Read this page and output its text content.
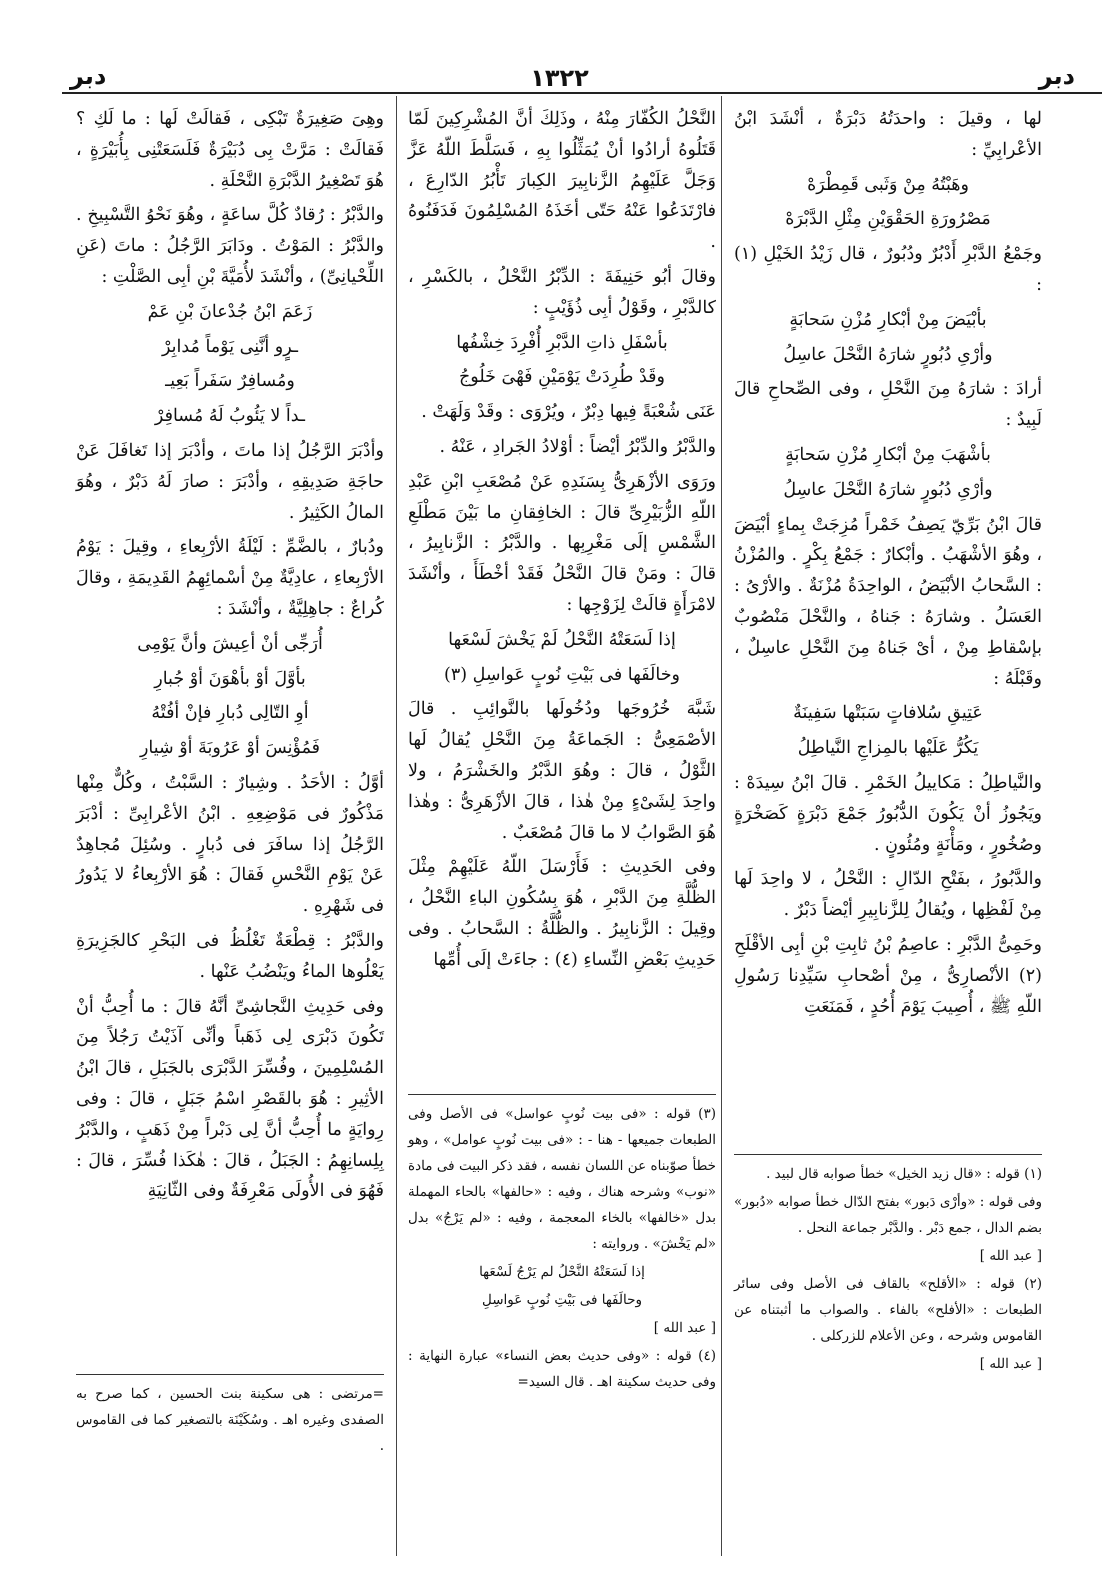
دبر
١٣٢٢
دبر

لها ، وقيلَ : واحدَتُهُ دَبْرَةٌ ، أنْشَدَ ابْنُ الأعْرابِيِّ :

وهَبْتُهُ مِنْ وَثَبى قَمِطْرَهْ

مَصْرُورَةِ الحَقْوَيْنِ مِثْلِ الدَّبْرَهْ

وجَمْعُ الدَّبْرِ أَدْبُرٌ ودُبُورٌ ، قال زَيْدُ الخَيْلِ (١) :

بأبْيَضَ مِنْ أبْكارِ مُزْنِ سَحابَةٍ

وأرْىِ دُبُورٍ شارَهُ النَّحْلَ عاسِلُ

أرادَ : شارَهُ مِنَ النَّحْلِ ، وفى الصِّحاحِ قالَ لَبِيدٌ :

بأشْهَبَ مِنْ أبْكارِ مُزْنِ سَحابَةٍ

وأرْىِ دُبُورٍ شارَهُ النَّحْلَ عاسِلُ

قالَ ابْنُ بَرِّيّ يَصِفُ خَمْراً مُزِجَتْ بِماءٍ أبْيَضَ ، وهُوَ الأشْهَبُ . وأبْكارٌ : جَمْعُ بِكْرٍ . والمُزْنُ : السَّحابُ الأبْيَضُ ، الواحِدَةُ مُزْنَةٌ . والأرْىُ : العَسَلُ . وشارَهُ : جَناهُ ، والنَّحْلَ مَنْصُوبٌ بإسْقاطِ مِنْ ، أىْ جَناهُ مِنَ النَّحْلِ عاسِلٌ ، وقَبْلَهُ :

عَتِيقِ سُلافاتٍ سَبَتْها سَفِينَةٌ

يَكُرُّ عَلَيْها بالمِزاجِ النَّياطِلُ

والنَّياطِلُ : مَكاييلُ الخَمْرِ . قالَ ابْنُ سِيدَهْ : ويَجُوزُ أنْ يَكُونَ الدُّبُورُ جَمْعَ دَبْرَةٍ كَصَخْرَةٍ وصُخُورٍ ، ومَأْنَةٍ ومُئُونٍ .

والدَّبُورُ ، بفَتْحِ الدّالِ : النَّحْلُ ، لا واحِدَ لَها مِنْ لَفْظِها ، ويُقالُ لِلزَّنابِيرِ أيْضاً دَبْرٌ .

وحَمِىُّ الدَّبْرِ : عاصِمُ بْنُ ثابِتِ بْنِ أبِى الأقْلَحِ (٢) الأنْصارِىُّ ، مِنْ أصْحابِ سَيِّدِنا رَسُولِ اللّهِ ﷺ ، أُصِيبَ يَوْمَ أُحُدٍ ، فَمَنَعَتِ

(١) قوله : «قال زيد الخيل» خطأ صوابه قال لبيد .

وفى قوله : «وأرْى دَبور» بفتح الدّال خطأ صوابه «دُبور» بضم الدال ، جمع دَبْر . والدَّبْر جماعة النحل .

[ عبد الله ]

(٢) قوله : «الأقلح» بالقاف فى الأصل وفى سائر الطبعات : «الأفلح» بالفاء . والصواب ما أثبتناه عن القاموس وشرحه ، وعن الأعلام للزركلى .

[ عبد الله ]

النَّحْلُ الكُفّارَ مِنْهُ ، وذَلِكَ أنَّ المُشْرِكِينَ لَمّا قَتَلُوهُ أرادُوا أنْ يُمَثِّلُوا بِهِ ، فَسَلَّطَ اللّهُ عَزَّ وَجَلَّ عَلَيْهِمُ الزَّنابِيرَ الكِبارَ تَأْبُرُ الدّارِعَ ، فارْتَدَعُوا عَنْهُ حَتّى أخَذَهُ المُسْلِمُونَ فَدَفَنُوهُ .

وقالَ أبُو حَنِيفَةَ : الدِّبْرُ النَّحْلُ ، بالكَسْرِ ، كالدَّبْرِ ، وقَوْلُ أبِى ذُؤَيْبٍ :

بأسْفَلِ ذاتِ الدَّبْرِ أُفْرِدَ خِشْفُها

وقَدْ طُرِدَتْ يَوْمَيْنِ فَهْىَ خَلُوجُ

عَنَى شُعْبَةً فِيها دِبْرٌ ، ويُرْوَى : وقَدْ وَلَهَتْ .

والدَّبْرُ والدِّبْرُ أيْضاً : أوْلادُ الجَرادِ ، عَنْهُ .

ورَوَى الأزْهَرِىُّ بِسَنَدِهِ عَنْ مُصْعَبِ ابْنِ عَبْدِ اللّهِ الزُّبَيْرِىِّ قالَ : الخافِقانِ ما بَيْنَ مَطْلَعِ الشَّمْسِ إلَى مَغْرِبِها . والدَّبْرُ : الزَّنابِيرُ ، قالَ : ومَنْ قالَ النَّحْلُ فَقَدْ أخْطَأَ ، وأنْشَدَ لامْرَأَةٍ قالَتْ لِزَوْجِها :

إذا لَسَعَتْهُ النَّحْلُ لَمْ يَخْشَ لَسْعَها

وخالَفَها فى بَيْتِ نُوبٍ عَواسِلِ (٣)

شَبَّهَ خُرُوجَها ودُخُولَها بالنَّوائِبِ . قالَ الأصْمَعِىُّ : الجَماعَةُ مِنَ النَّحْلِ يُقالُ لَها الثَّوْلُ ، قالَ : وهُوَ الدَّبْرُ والخَشْرَمُ ، ولا واحِدَ لِشَىْءٍ مِنْ هٰذا ، قالَ الأزْهَرِىُّ : وهٰذا هُوَ الصَّوابُ لا ما قالَ مُصْعَبٌ .

وفى الحَدِيثِ : فَأَرْسَلَ اللّهُ عَلَيْهِمْ مِثْلَ الظُّلَّةِ مِنَ الدَّبْرِ ، هُوَ بِسُكُونِ الباءِ النَّحْلُ ، وقِيلَ : الزَّنابِيرُ . والظُّلَّةُ : السَّحابُ . وفى حَدِيثِ بَعْضِ النِّساءِ (٤) : جاءَتْ إلَى أُمِّها

(٣) قوله : «فى بيت نُوبٍ عواسل» فى الأصل وفى الطبعات جميعها - هنا - : «فى بيت نُوبٍ عوامل» ، وهو خطأ صوّبناه عن اللسان نفسه ، فقد ذكر البيت فى مادة «نوب» وشرحه هناك ، وفيه : «حالفها» بالحاء المهملة بدل «خالفها» بالخاء المعجمة ، وفيه : «لم يَرْجُ» بدل «لم يَخْشَ» . وروايته :

إذا لَسَعَتْهُ النَّحْلُ لم يَرْجُ لَسْعَها

وحالَفَها فى بَيْتِ نُوبٍ عَواسِلِ

[ عبد الله ]

(٤) قوله : «وفى حديث بعض النساء» عبارة النهاية : وفى حديث سكينة اهـ . قال السيد=

وهِىَ صَغِيرَةٌ تَبْكِى ، فَقالَتْ لَها : ما لَكِ ؟ فَقالَتْ : مَرَّتْ بِى دُبَيْرَةٌ فَلَسَعَتْنِى بِأُبَيْرَةٍ ، هُوَ تَصْغِيرُ الدَّبْرَةِ النَّحْلَةِ .

والدَّبْرُ : رُقادٌ كُلَّ ساعَةٍ ، وهُوَ نَحْوُ التَّسْبِيخِ . والدَّبْرُ : المَوْتُ . ودَابَرَ الرَّجُلُ : ماتَ (عَنِ اللِّحْيانِىِّ) ، وأنْشَدَ لأُمَيَّةَ بْنِ أبِى الصَّلْتِ :

زَعَمَ ابْنُ جُدْعانَ بْنِ عَمْ

ـرٍو أنَّنِى يَوْماً مُدابِرْ

ومُسافِرٌ سَفَراً بَعِيـ

ـداً لا يَئُوبُ لَهُ مُسافِرْ

وأدْبَرَ الرَّجُلُ إذا ماتَ ، وأدْبَرَ إذا تَغافَلَ عَنْ حاجَةِ صَدِيقِهِ ، وأدْبَرَ : صارَ لَهُ دَبْرٌ ، وهُوَ المالُ الكَثِيرُ .

ودُبارٌ ، بالضَّمِّ : لَيْلَةُ الأرْبِعاءِ ، وقِيلَ : يَوْمُ الأرْبِعاءِ ، عادِيَّةٌ مِنْ أسْمائِهِمُ القَدِيمَةِ ، وقالَ كُراعٌ : جاهِلِيَّةٌ ، وأنْشَدَ :

أُرَجِّى أنْ أعِيشَ وأنَّ يَوْمِى

بأوَّلَ أوْ بأهْوَنَ أوْ جُبارِ

أوِ التّالِى دُبارِ فإنْ أفُتْهُ

فَمُؤْنِسَ أوْ عَرُوبَةَ أوْ شِيارِ

أوَّلُ : الأحَدُ . وشِيارٌ : السَّبْتُ ، وكُلٌّ مِنْها مَذْكُورٌ فى مَوْضِعِهِ . ابْنُ الأعْرابِىِّ : أدْبَرَ الرَّجُلُ إذا سافَرَ فى دُبارٍ . وسُئِلَ مُجاهِدٌ عَنْ يَوْمِ النَّحْسِ فَقالَ : هُوَ الأرْبِعاءُ لا يَدُورُ فى شَهْرِهِ .

والدَّبْرُ : قِطْعَةٌ تَغْلُظُ فى البَحْرِ كالجَزِيرَةِ يَعْلُوها الماءُ ويَنْضُبُ عَنْها .

وفى حَدِيثِ النَّجاشِىِّ أنَّهُ قالَ : ما أُحِبُّ أنْ تَكُونَ دَبْرَى لِى ذَهَباً وأنِّى آذَيْتُ رَجُلاً مِنَ المُسْلِمِينَ ، وفُسِّرَ الدَّبْرَى بالجَبَلِ ، قالَ ابْنُ الأثِيرِ : هُوَ بالقَصْرِ اسْمُ جَبَلٍ ، قالَ : وفى رِوايَةٍ ما أُحِبُّ أنَّ لِى دَبْراً مِنْ ذَهَبٍ ، والدَّبْرُ بِلِسانِهِمُ : الجَبَلُ ، قالَ : هٰكَذا فُسِّرَ ، قالَ : فَهُوَ فى الأُولَى مَعْرِفَةٌ وفى الثّانِيَةِ

=مرتضى : هى سكينة بنت الحسين ، كما صرح به الصفدى وغيره اهـ . وسُكَيْنَة بالتصغير كما فى القاموس .
